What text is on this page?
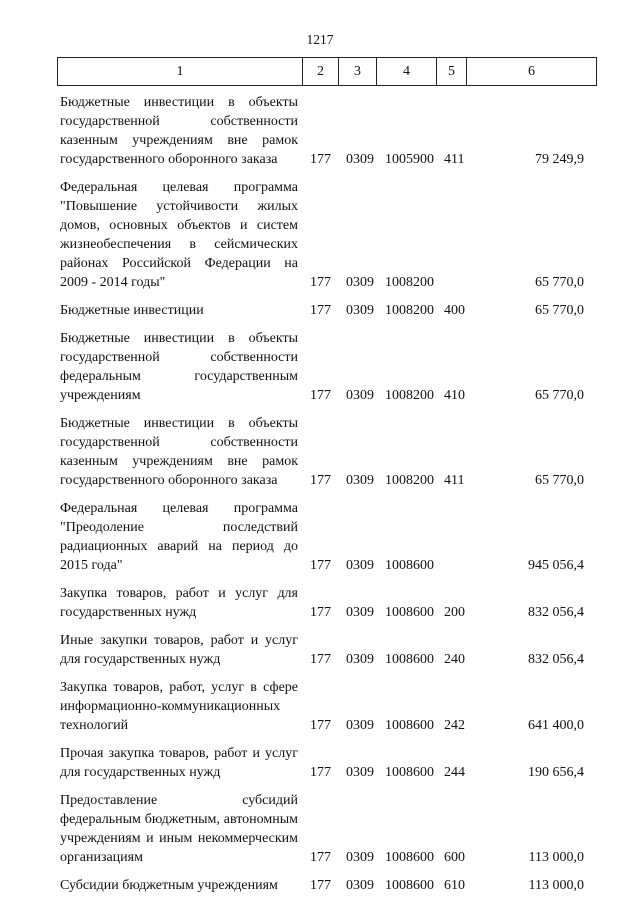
1217
1	2	3	4	5	6
Бюджетные инвестиции в объекты государственной собственности казенным учреждениям вне рамок государственного оборонного заказа	177 0309 1005900 411	79 249,9
Федеральная целевая программа "Повышение устойчивости жилых домов, основных объектов и систем жизнеобеспечения в сейсмических районах Российской Федерации на 2009 - 2014 годы"	177 0309 1008200	65 770,0
Бюджетные инвестиции	177 0309 1008200 400	65 770,0
Бюджетные инвестиции в объекты государственной собственности федеральным государственным учреждениям	177 0309 1008200 410	65 770,0
Бюджетные инвестиции в объекты государственной собственности казенным учреждениям вне рамок государственного оборонного заказа	177 0309 1008200 411	65 770,0
Федеральная целевая программа "Преодоление последствий радиационных аварий на период до 2015 года"	177 0309 1008600	945 056,4
Закупка товаров, работ и услуг для государственных нужд	177 0309 1008600 200	832 056,4
Иные закупки товаров, работ и услуг для государственных нужд	177 0309 1008600 240	832 056,4
Закупка товаров, работ, услуг в сфере информационно-коммуникационных технологий	177 0309 1008600 242	641 400,0
Прочая закупка товаров, работ и услуг для государственных нужд	177 0309 1008600 244	190 656,4
Предоставление субсидий федеральным бюджетным, автономным учреждениям и иным некоммерческим организациям	177 0309 1008600 600	113 000,0
Субсидии бюджетным учреждениям	177 0309 1008600 610	113 000,0
